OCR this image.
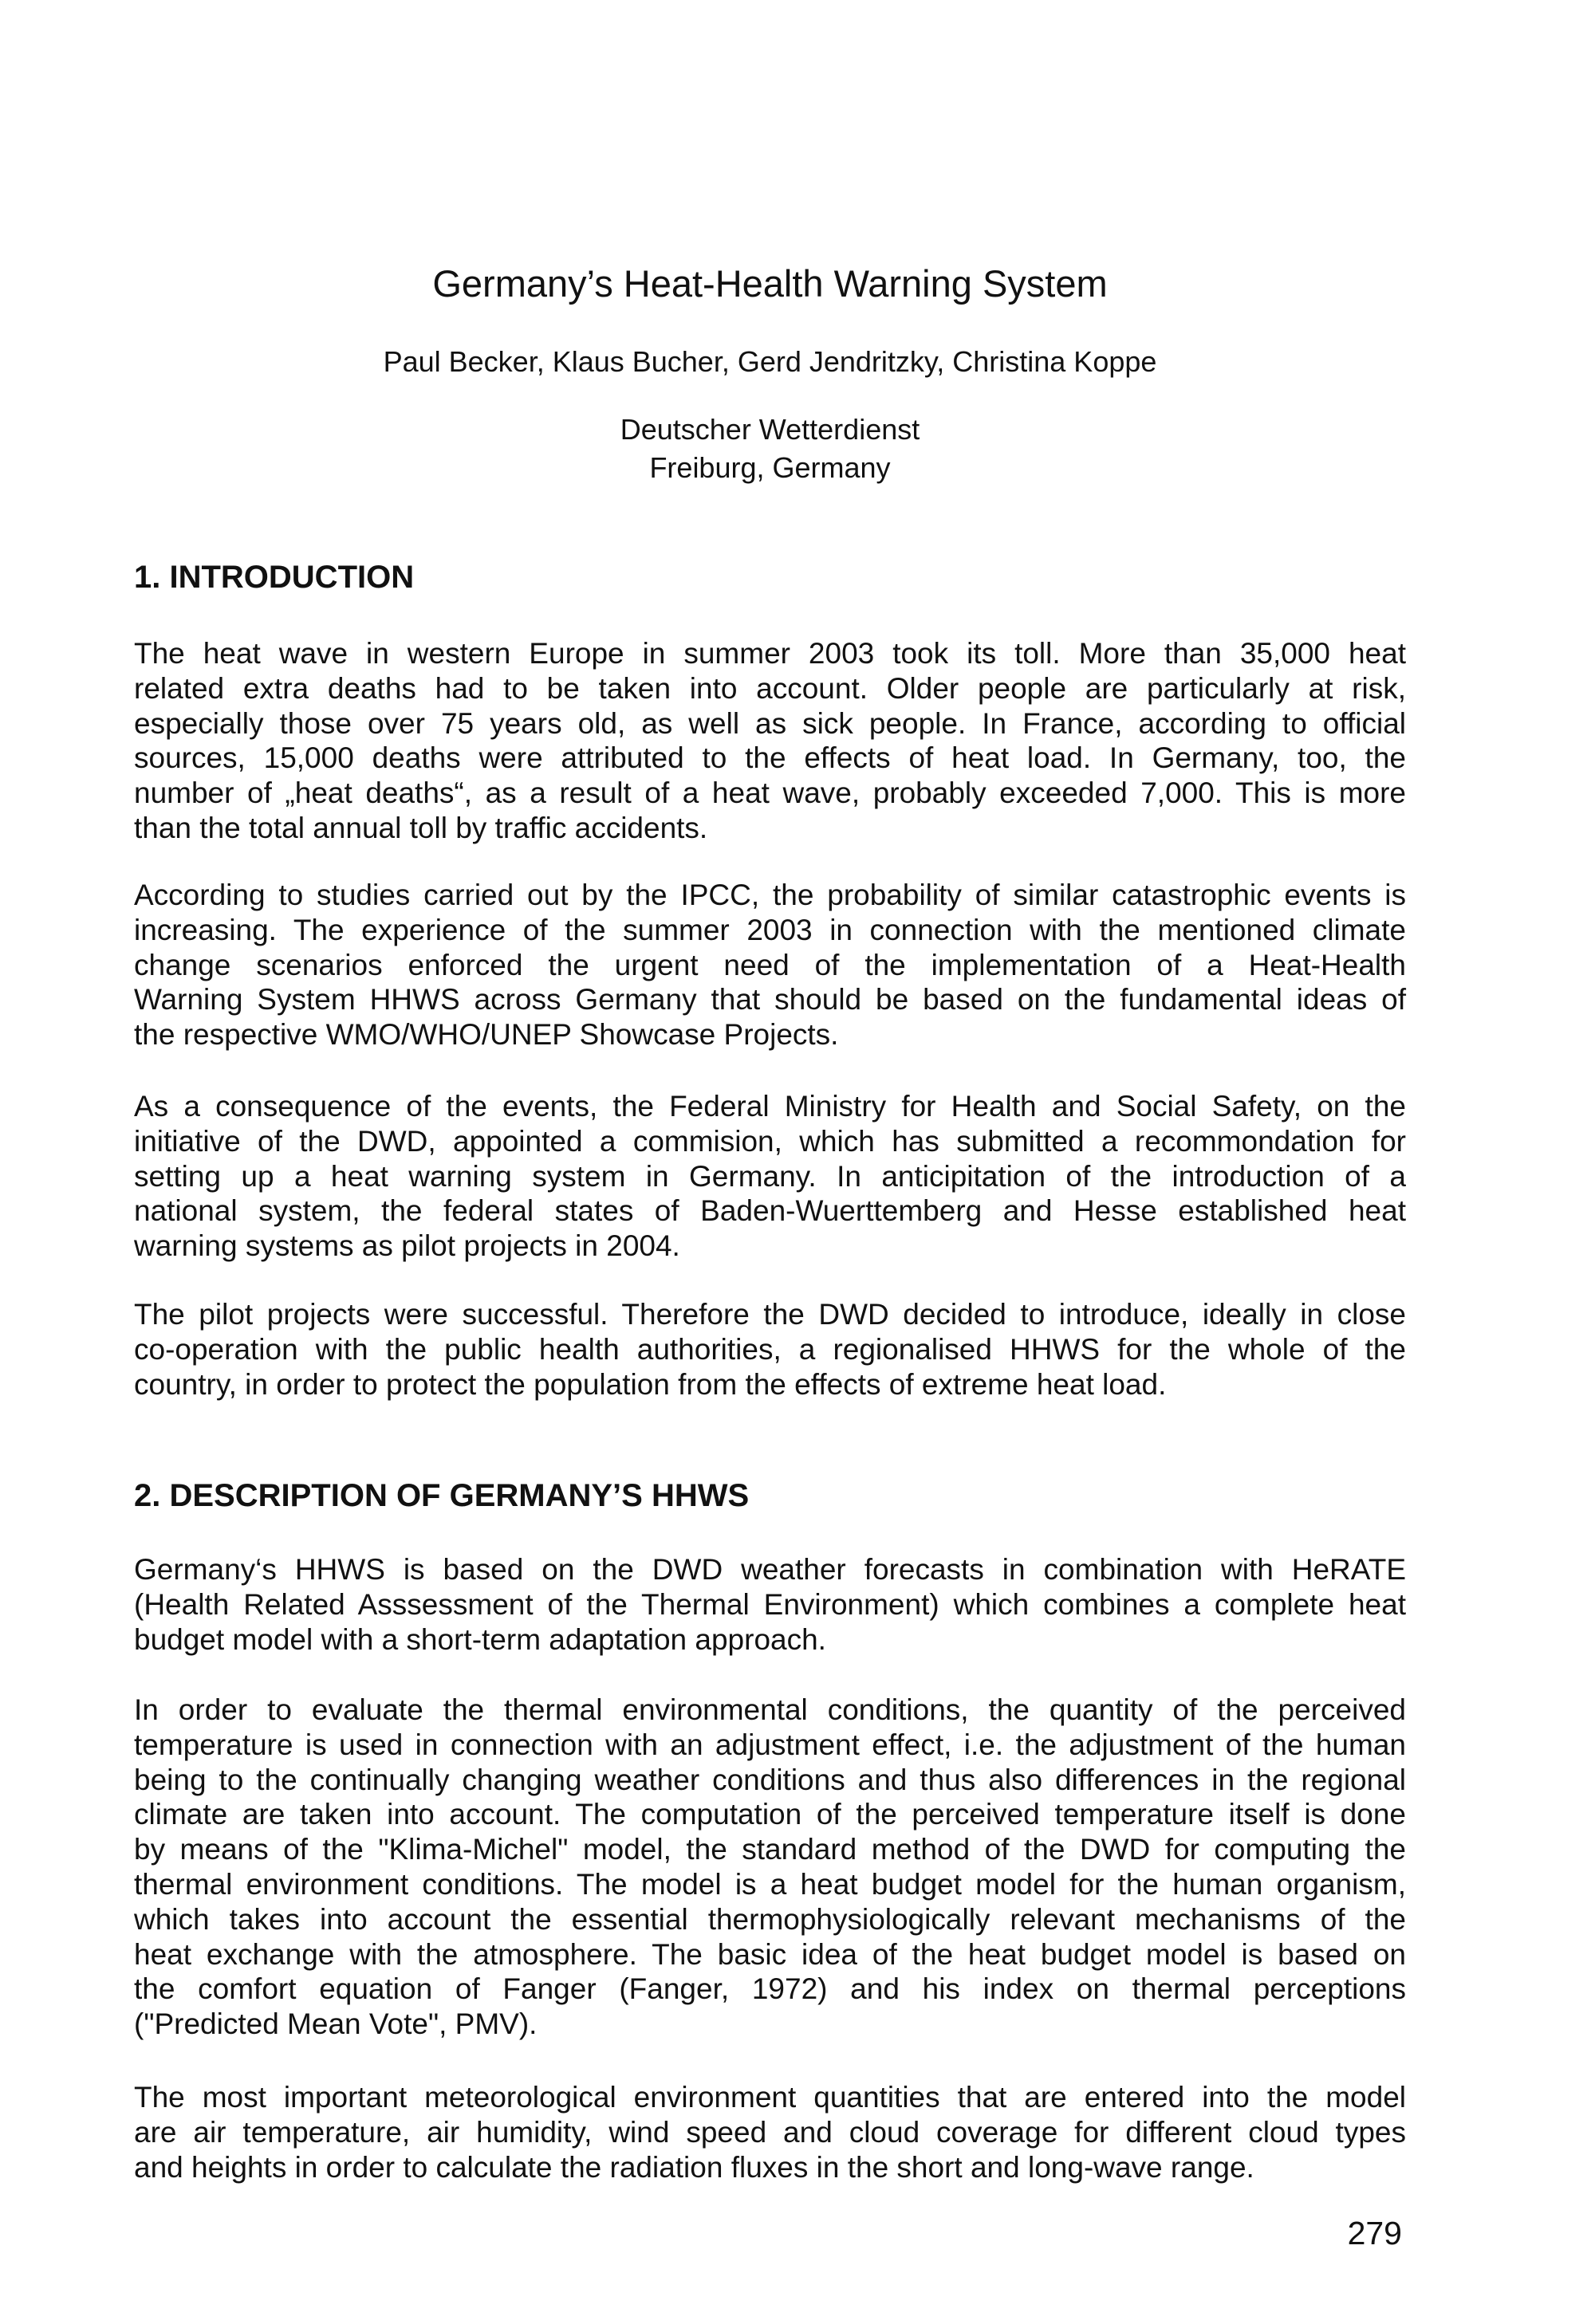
Germany’s Heat-Health Warning System
Paul Becker, Klaus Bucher, Gerd Jendritzky, Christina Koppe
Deutscher Wetterdienst
Freiburg, Germany
1. INTRODUCTION
The heat wave in western Europe in summer 2003 took its toll. More than 35,000 heat
related extra deaths had to be taken into account. Older people are particularly at risk,
especially those over 75 years old, as well as sick people. In France, according to official
sources, 15,000 deaths were attributed to the effects of heat load. In Germany, too, the
number of „heat deaths“, as a result of a heat wave, probably exceeded 7,000. This is more
than the total annual toll by traffic accidents.
According to studies carried out by the IPCC, the probability of similar catastrophic events is
increasing. The experience of the summer 2003 in connection with the mentioned climate
change scenarios enforced the urgent need of the implementation of a Heat-Health
Warning System HHWS across Germany that should be based on the fundamental ideas of
the respective WMO/WHO/UNEP Showcase Projects.
As a consequence of the events, the Federal Ministry for Health and Social Safety, on the
initiative of the DWD, appointed a commision, which has submitted a recommondation for
setting up a heat warning system in Germany. In anticipitation of the introduction of a
national system, the federal states of Baden-Wuerttemberg and Hesse established heat
warning systems as pilot projects in 2004.
The pilot projects were successful. Therefore the DWD decided to introduce, ideally in close
co-operation with the public health authorities, a regionalised HHWS for the whole of the
country, in order to protect the population from the effects of extreme heat load.
2. DESCRIPTION OF GERMANY’S HHWS
Germany‘s HHWS is based on the DWD weather forecasts in combination with HeRATE
(Health Related Asssessment of the Thermal Environment) which combines a complete heat
budget model with a short-term adaptation approach.
In order to evaluate the thermal environmental conditions, the quantity of the perceived
temperature is used in connection with an adjustment effect, i.e. the adjustment of the human
being to the continually changing weather conditions and thus also differences in the regional
climate are taken into account. The computation of the perceived temperature itself is done
by means of the "Klima-Michel" model, the standard method of the DWD for computing the
thermal environment conditions. The model is a heat budget model for the human organism,
which takes into account the essential thermophysiologically relevant mechanisms of the
heat exchange with the atmosphere. The basic idea of the heat budget model is based on
the comfort equation of Fanger (Fanger, 1972) and his index on thermal perceptions
("Predicted Mean Vote", PMV).
The most important meteorological environment quantities that are entered into the model
are air temperature, air humidity, wind speed and cloud coverage for different cloud types
and heights in order to calculate the radiation fluxes in the short and long-wave range.
279
